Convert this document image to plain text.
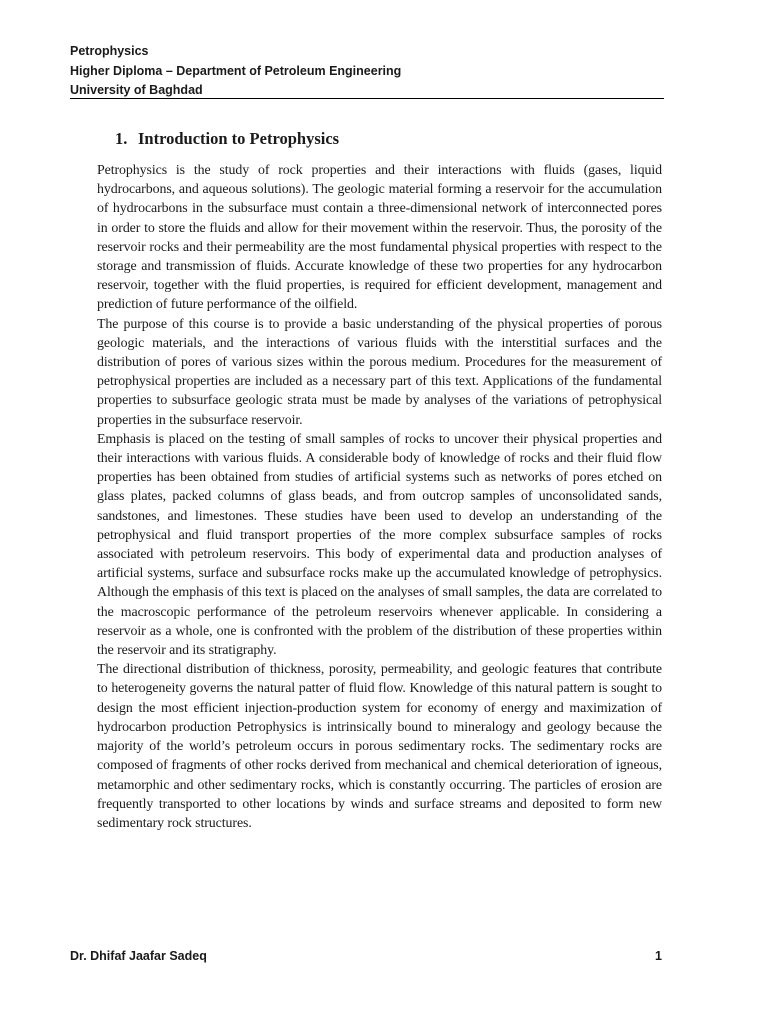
Petrophysics
Higher Diploma – Department of Petroleum Engineering
University of Baghdad
1. Introduction to Petrophysics

Petrophysics is the study of rock properties and their interactions with fluids (gases, liquid hydrocarbons, and aqueous solutions). The geologic material forming a reservoir for the accumulation of hydrocarbons in the subsurface must contain a three-dimensional network of interconnected pores in order to store the fluids and allow for their movement within the reservoir. Thus, the porosity of the reservoir rocks and their permeability are the most fundamental physical properties with respect to the storage and transmission of fluids. Accurate knowledge of these two properties for any hydrocarbon reservoir, together with the fluid properties, is required for efficient development, management and prediction of future performance of the oilfield.

The purpose of this course is to provide a basic understanding of the physical properties of porous geologic materials, and the interactions of various fluids with the interstitial surfaces and the distribution of pores of various sizes within the porous medium. Procedures for the measurement of petrophysical properties are included as a necessary part of this text. Applications of the fundamental properties to subsurface geologic strata must be made by analyses of the variations of petrophysical properties in the subsurface reservoir.

Emphasis is placed on the testing of small samples of rocks to uncover their physical properties and their interactions with various fluids. A considerable body of knowledge of rocks and their fluid flow properties has been obtained from studies of artificial systems such as networks of pores etched on glass plates, packed columns of glass beads, and from outcrop samples of unconsolidated sands, sandstones, and limestones. These studies have been used to develop an understanding of the petrophysical and fluid transport properties of the more complex subsurface samples of rocks associated with petroleum reservoirs. This body of experimental data and production analyses of artificial systems, surface and subsurface rocks make up the accumulated knowledge of petrophysics. Although the emphasis of this text is placed on the analyses of small samples, the data are correlated to the macroscopic performance of the petroleum reservoirs whenever applicable. In considering a reservoir as a whole, one is confronted with the problem of the distribution of these properties within the reservoir and its stratigraphy.

The directional distribution of thickness, porosity, permeability, and geologic features that contribute to heterogeneity governs the natural patter of fluid flow. Knowledge of this natural pattern is sought to design the most efficient injection-production system for economy of energy and maximization of hydrocarbon production Petrophysics is intrinsically bound to mineralogy and geology because the majority of the world’s petroleum occurs in porous sedimentary rocks. The sedimentary rocks are composed of fragments of other rocks derived from mechanical and chemical deterioration of igneous, metamorphic and other sedimentary rocks, which is constantly occurring. The particles of erosion are frequently transported to other locations by winds and surface streams and deposited to form new sedimentary rock structures.

Dr. Dhifaf Jaafar Sadeq	1
